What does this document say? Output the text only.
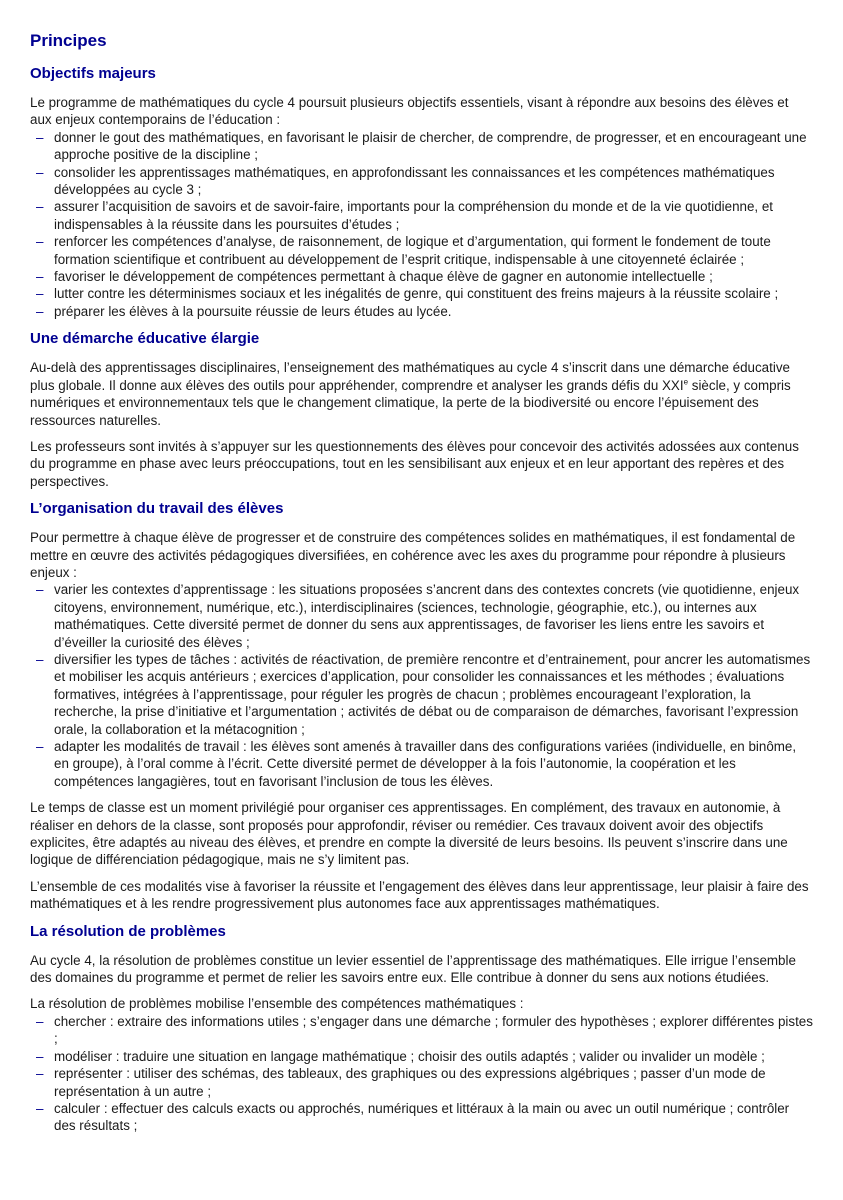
Principes
Objectifs majeurs

Le programme de mathématiques du cycle 4 poursuit plusieurs objectifs essentiels, visant à répondre aux besoins des élèves et aux enjeux contemporains de l’éducation :

– donner le gout des mathématiques, en favorisant le plaisir de chercher, de comprendre, de progresser, et en encourageant une approche positive de la discipline ;
– consolider les apprentissages mathématiques, en approfondissant les connaissances et les compétences mathématiques développées au cycle 3 ;
– assurer l’acquisition de savoirs et de savoir-faire, importants pour la compréhension du monde et de la vie quotidienne, et indispensables à la réussite dans les poursuites d’études ;
– renforcer les compétences d’analyse, de raisonnement, de logique et d’argumentation, qui forment le fondement de toute formation scientifique et contribuent au développement de l’esprit critique, indispensable à une citoyenneté éclairée ;
– favoriser le développement de compétences permettant à chaque élève de gagner en autonomie intellectuelle ;
– lutter contre les déterminismes sociaux et les inégalités de genre, qui constituent des freins majeurs à la réussite scolaire ;
– préparer les élèves à la poursuite réussie de leurs études au lycée.
Une démarche éducative élargie

Au-delà des apprentissages disciplinaires, l’enseignement des mathématiques au cycle 4 s’inscrit dans une démarche éducative plus globale. Il donne aux élèves des outils pour appréhender, comprendre et analyser les grands défis du XXIe siècle, y compris numériques et environnementaux tels que le changement climatique, la perte de la biodiversité ou encore l’épuisement des ressources naturelles.

Les professeurs sont invités à s’appuyer sur les questionnements des élèves pour concevoir des activités adossées aux contenus du programme en phase avec leurs préoccupations, tout en les sensibilisant aux enjeux et en leur apportant des repères et des perspectives.

L’organisation du travail des élèves

Pour permettre à chaque élève de progresser et de construire des compétences solides en mathématiques, il est fondamental de mettre en œuvre des activités pédagogiques diversifiées, en cohérence avec les axes du programme pour répondre à plusieurs enjeux :

– varier les contextes d’apprentissage : les situations proposées s’ancrent dans des contextes concrets (vie quotidienne, enjeux citoyens, environnement, numérique, etc.), interdisciplinaires (sciences, technologie, géographie, etc.), ou internes aux mathématiques. Cette diversité permet de donner du sens aux apprentissages, de favoriser les liens entre les savoirs et d’éveiller la curiosité des élèves ;
– diversifier les types de tâches : activités de réactivation, de première rencontre et d’entrainement, pour ancrer les automatismes et mobiliser les acquis antérieurs ; exercices d’application, pour consolider les connaissances et les méthodes ; évaluations formatives, intégrées à l’apprentissage, pour réguler les progrès de chacun ; problèmes encourageant l’exploration, la recherche, la prise d’initiative et l’argumentation ; activités de débat ou de comparaison de démarches, favorisant l’expression orale, la collaboration et la métacognition ;
– adapter les modalités de travail : les élèves sont amenés à travailler dans des configurations variées (individuelle, en binôme, en groupe), à l’oral comme à l’écrit. Cette diversité permet de développer à la fois l’autonomie, la coopération et les compétences langagières, tout en favorisant l’inclusion de tous les élèves.

Le temps de classe est un moment privilégié pour organiser ces apprentissages. En complément, des travaux en autonomie, à réaliser en dehors de la classe, sont proposés pour approfondir, réviser ou remédier. Ces travaux doivent avoir des objectifs explicites, être adaptés au niveau des élèves, et prendre en compte la diversité de leurs besoins. Ils peuvent s’inscrire dans une logique de différenciation pédagogique, mais ne s’y limitent pas.

L’ensemble de ces modalités vise à favoriser la réussite et l’engagement des élèves dans leur apprentissage, leur plaisir à faire des mathématiques et à les rendre progressivement plus autonomes face aux apprentissages mathématiques.

La résolution de problèmes

Au cycle 4, la résolution de problèmes constitue un levier essentiel de l’apprentissage des mathématiques. Elle irrigue l’ensemble des domaines du programme et permet de relier les savoirs entre eux. Elle contribue à donner du sens aux notions étudiées.

La résolution de problèmes mobilise l’ensemble des compétences mathématiques :

– chercher : extraire des informations utiles ; s’engager dans une démarche ; formuler des hypothèses ; explorer différentes pistes ;
– modéliser : traduire une situation en langage mathématique ; choisir des outils adaptés ; valider ou invalider un modèle ;
– représenter : utiliser des schémas, des tableaux, des graphiques ou des expressions algébriques ; passer d’un mode de représentation à un autre ;
– calculer : effectuer des calculs exacts ou approchés, numériques et littéraux à la main ou avec un outil numérique ; contrôler des résultats ;
